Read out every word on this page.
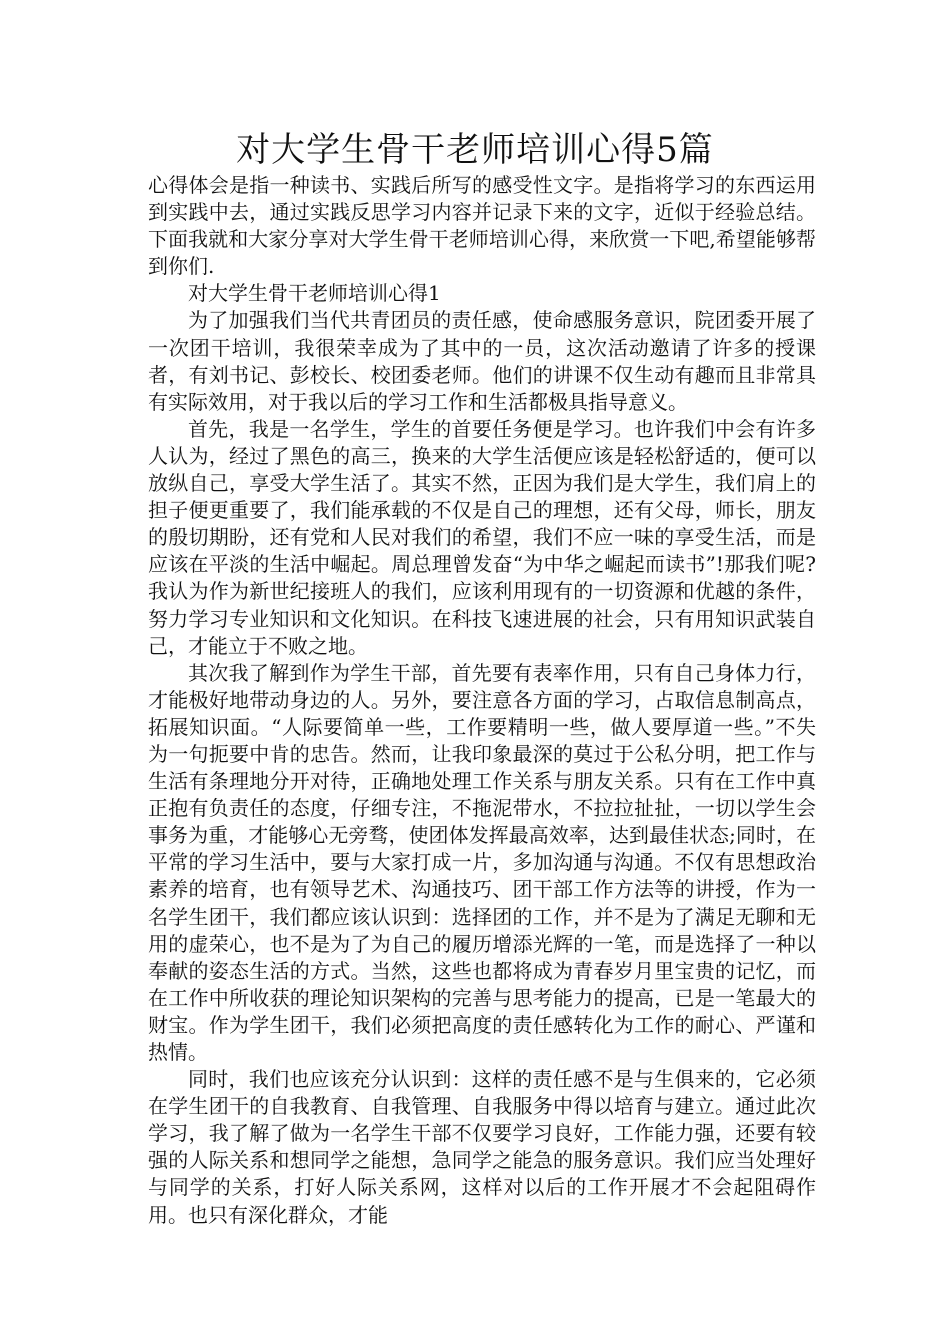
对大学生骨干老师培训心得5篇

心得体会是指一种读书、实践后所写的感受性文字。是指将学习的东西运用到实践中去，通过实践反思学习内容并记录下来的文字，近似于经验总结。下面我就和大家分享对大学生骨干老师培训心得，来欣赏一下吧,希望能够帮到你们.

对大学生骨干老师培训心得1

为了加强我们当代共青团员的责任感，使命感服务意识，院团委开展了一次团干培训，我很荣幸成为了其中的一员，这次活动邀请了许多的授课者，有刘书记、彭校长、校团委老师。他们的讲课不仅生动有趣而且非常具有实际效用，对于我以后的学习工作和生活都极具指导意义。

首先，我是一名学生，学生的首要任务便是学习。也许我们中会有许多人认为，经过了黑色的高三，换来的大学生活便应该是轻松舒适的，便可以放纵自己，享受大学生活了。其实不然，正因为我们是大学生，我们肩上的担子便更重要了，我们能承载的不仅是自己的理想，还有父母，师长，朋友的殷切期盼，还有党和人民对我们的希望，我们不应一味的享受生活，而是应该在平淡的生活中崛起。周总理曾发奋“为中华之崛起而读书”!那我们呢?我认为作为新世纪接班人的我们，应该利用现有的一切资源和优越的条件，努力学习专业知识和文化知识。在科技飞速进展的社会，只有用知识武装自己，才能立于不败之地。

其次我了解到作为学生干部，首先要有表率作用，只有自己身体力行，才能极好地带动身边的人。另外，要注意各方面的学习，占取信息制高点，拓展知识面。“人际要简单一些，工作要精明一些，做人要厚道一些。”不失为一句扼要中肯的忠告。然而，让我印象最深的莫过于公私分明，把工作与生活有条理地分开对待，正确地处理工作关系与朋友关系。只有在工作中真正抱有负责任的态度，仔细专注，不拖泥带水，不拉拉扯扯，一切以学生会事务为重，才能够心无旁骛，使团体发挥最高效率，达到最佳状态;同时，在平常的学习生活中，要与大家打成一片，多加沟通与沟通。不仅有思想政治素养的培育，也有领导艺术、沟通技巧、团干部工作方法等的讲授，作为一名学生团干，我们都应该认识到：选择团的工作，并不是为了满足无聊和无用的虚荣心，也不是为了为自己的履历增添光辉的一笔，而是选择了一种以奉献的姿态生活的方式。当然，这些也都将成为青春岁月里宝贵的记忆，而在工作中所收获的理论知识架构的完善与思考能力的提高，已是一笔最大的财宝。作为学生团干，我们必须把高度的责任感转化为工作的耐心、严谨和热情。

同时，我们也应该充分认识到：这样的责任感不是与生俱来的，它必须在学生团干的自我教育、自我管理、自我服务中得以培育与建立。通过此次学习，我了解了做为一名学生干部不仅要学习良好，工作能力强，还要有较强的人际关系和想同学之能想，急同学之能急的服务意识。我们应当处理好与同学的关系，打好人际关系网，这样对以后的工作开展才不会起阻碍作用。也只有深化群众，才能
